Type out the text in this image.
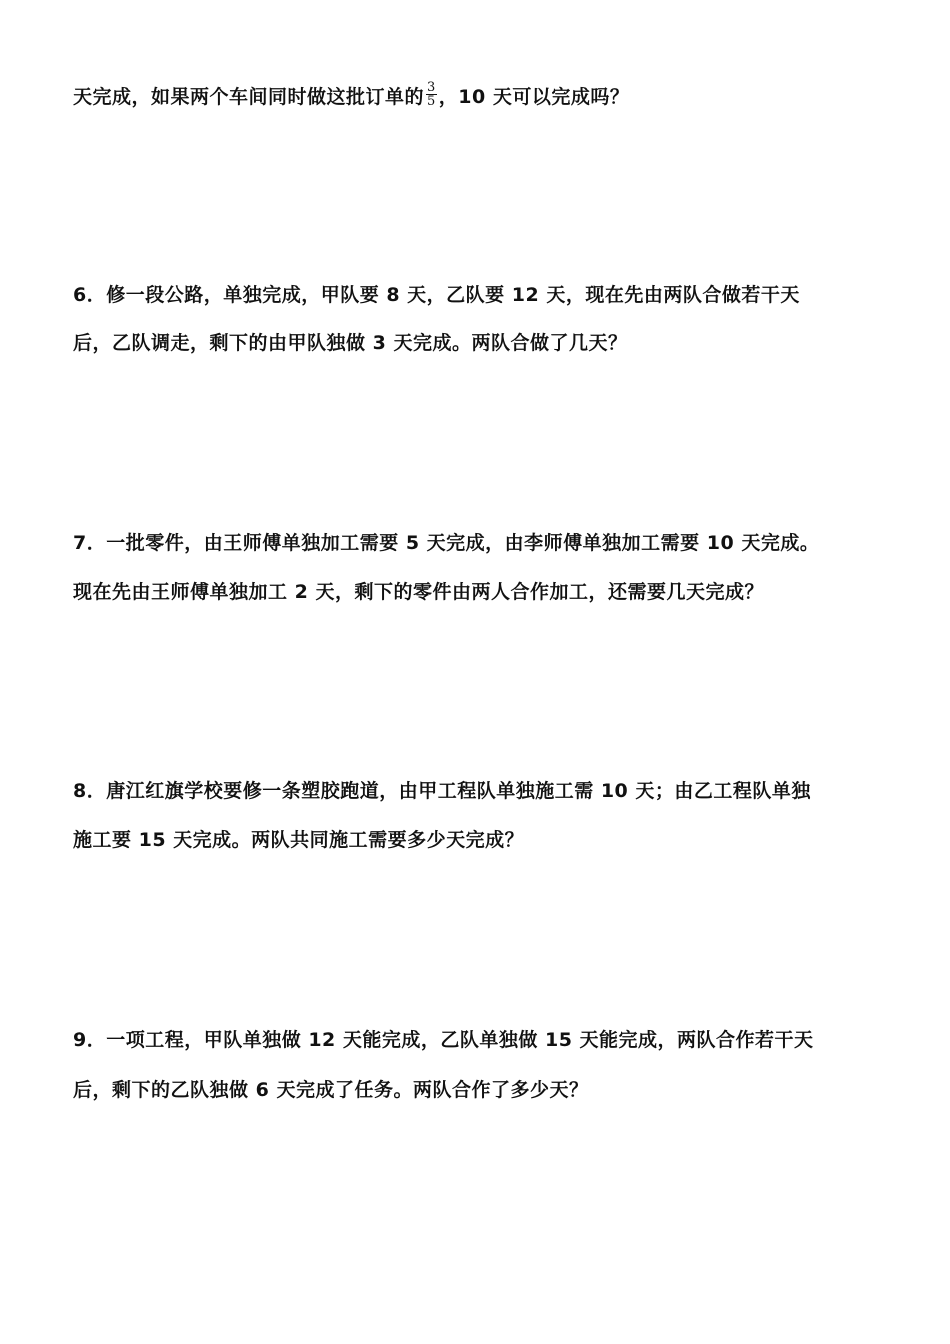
天完成，如果两个车间同时做这批订单的 $\frac{3}{5}$ ，10 天可以完成吗？
6．修一段公路，单独完成，甲队要 8 天，乙队要 12 天，现在先由两队合做若干天
后，乙队调走，剩下的由甲队独做 3 天完成。两队合做了几天？
7．一批零件，由王师傅单独加工需要 5 天完成，由李师傅单独加工需要 10 天完成。
现在先由王师傅单独加工 2 天，剩下的零件由两人合作加工，还需要几天完成？
8．唐江红旗学校要修一条塑胶跑道，由甲工程队单独施工需 10 天；由乙工程队单独
施工要 15 天完成。两队共同施工需要多少天完成？
9．一项工程，甲队单独做 12 天能完成，乙队单独做 15 天能完成，两队合作若干天
后，剩下的乙队独做 6 天完成了任务。两队合作了多少天？
